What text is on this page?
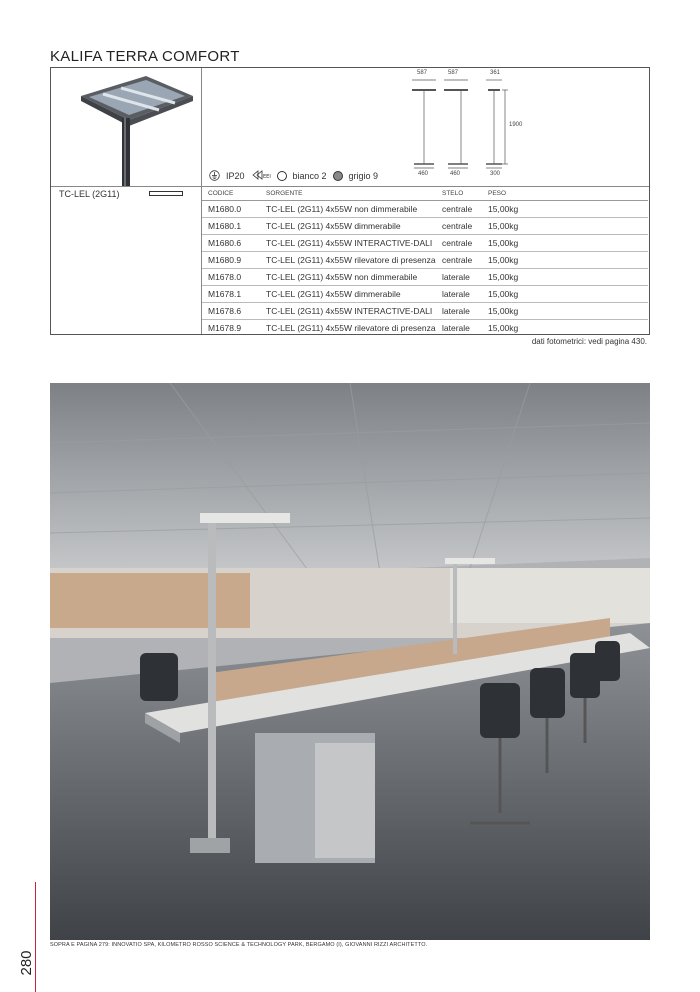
KALIFA TERRA COMFORT
587	587	361
1900
460	460	300
IP20	EEI bianco 2 grigio 9
TC-LEL (2G11)	CODICE	SORGENTE	STELO	PESO
M1680.0	TC-LEL (2G11) 4x55W non dimmerabile	centrale	15,00kg
M1680.1	TC-LEL (2G11) 4x55W dimmerabile	centrale	15,00kg
M1680.6	TC-LEL (2G11) 4x55W INTERACTIVE-DALI	centrale	15,00kg
M1680.9	TC-LEL (2G11) 4x55W rilevatore di presenza	centrale	15,00kg
M1678.0	TC-LEL (2G11) 4x55W non dimmerabile	laterale	15,00kg
M1678.1	TC-LEL (2G11) 4x55W dimmerabile	laterale	15,00kg
M1678.6	TC-LEL (2G11) 4x55W INTERACTIVE-DALI	laterale	15,00kg
M1678.9	TC-LEL (2G11) 4x55W rilevatore di presenza	laterale	15,00kg
dati fotometrici: vedi pagina 430.
SOPRA E PAGINA 279: INNOVATIO SPA, KILOMETRO ROSSO SCIENCE & TECHNOLOGY PARK, BERGAMO (I), GIOVANNI RIZZI ARCHITETTO.
280
